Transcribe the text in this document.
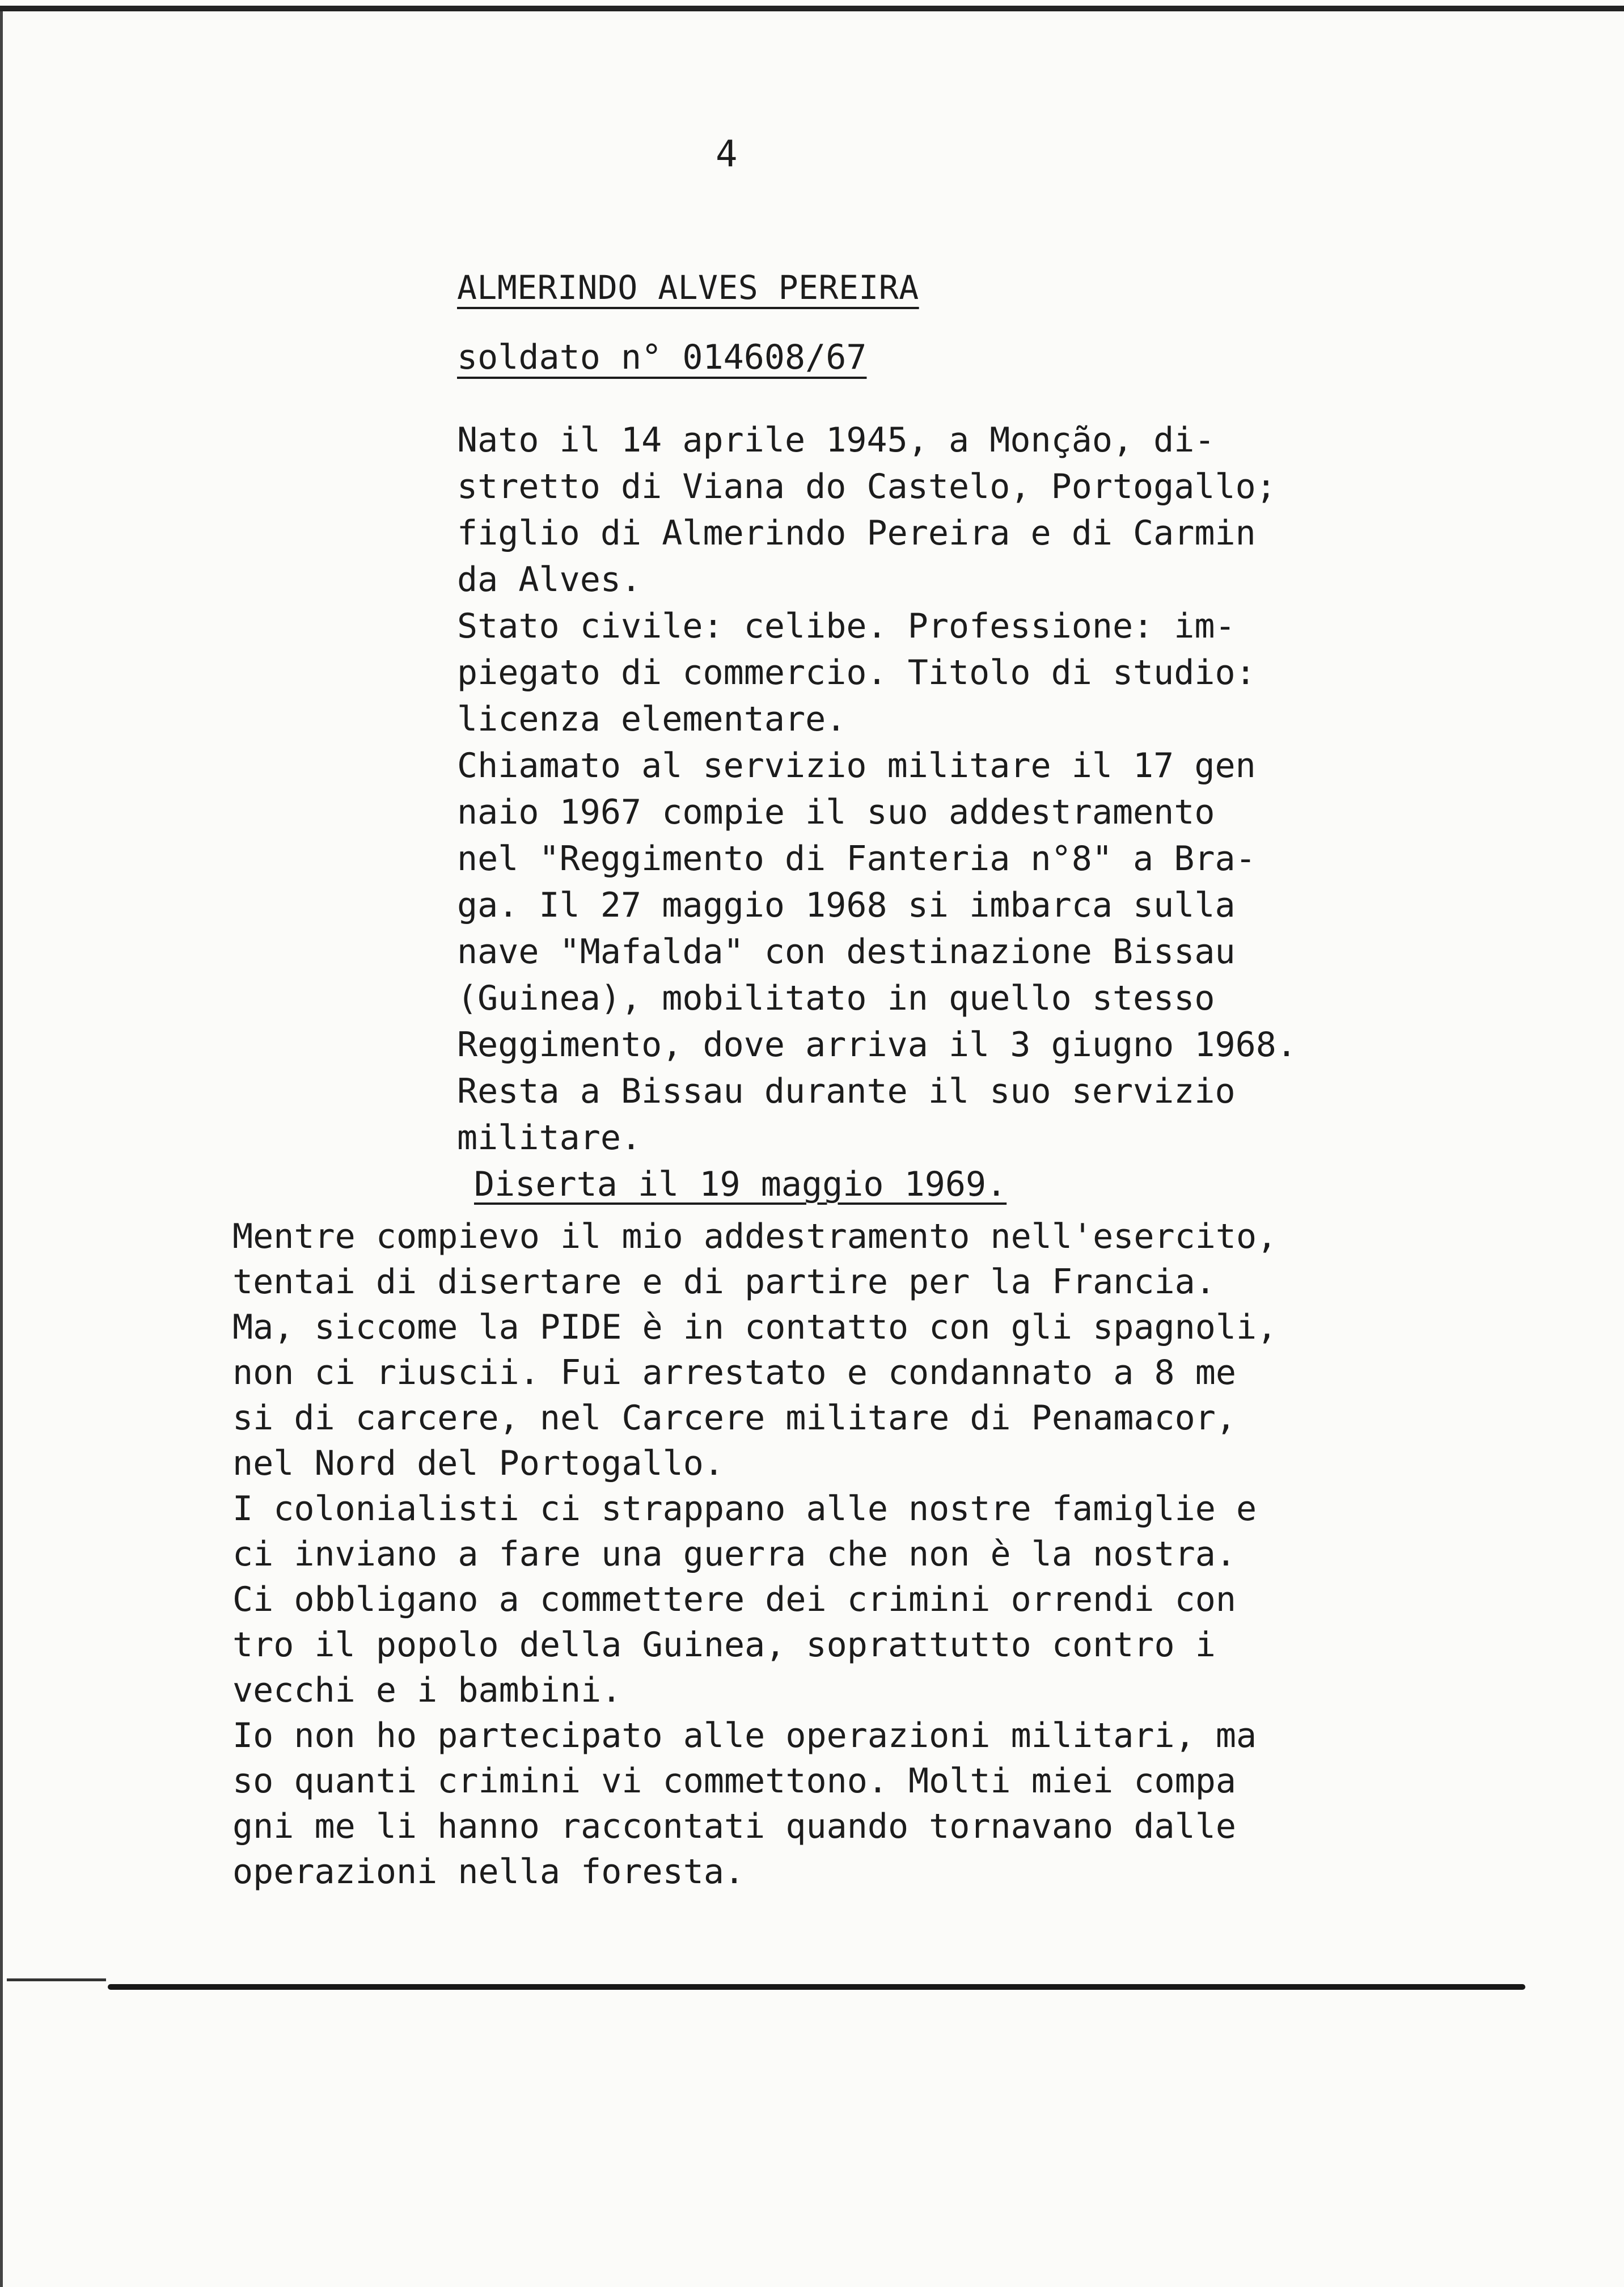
4
ALMERINDO ALVES PEREIRA
soldato n° 014608/67
Nato il 14 aprile 1945, a Monção, di-
stretto di Viana do Castelo, Portogallo;
figlio di Almerindo Pereira e di Carmin
da Alves.
Stato civile: celibe. Professione: im-
piegato di commercio. Titolo di studio:
licenza elementare.
Chiamato al servizio militare il 17 gen
naio 1967 compie il suo addestramento
nel "Reggimento di Fanteria n°8" a Bra-
ga. Il 27 maggio 1968 si imbarca sulla
nave "Mafalda" con destinazione Bissau
(Guinea), mobilitato in quello stesso
Reggimento, dove arriva il 3 giugno 1968.
Resta a Bissau durante il suo servizio
militare.
Diserta il 19 maggio 1969.
Mentre compievo il mio addestramento nell'esercito,
tentai di disertare e di partire per la Francia.
Ma, siccome la PIDE è in contatto con gli spagnoli,
non ci riuscii. Fui arrestato e condannato a 8 me
si di carcere, nel Carcere militare di Penamacor,
nel Nord del Portogallo.
I colonialisti ci strappano alle nostre famiglie e
ci inviano a fare una guerra che non è la nostra.
Ci obbligano a commettere dei crimini orrendi con
tro il popolo della Guinea, soprattutto contro i
vecchi e i bambini.
Io non ho partecipato alle operazioni militari, ma
so quanti crimini vi commettono. Molti miei compa
gni me li hanno raccontati quando tornavano dalle
operazioni nella foresta.
